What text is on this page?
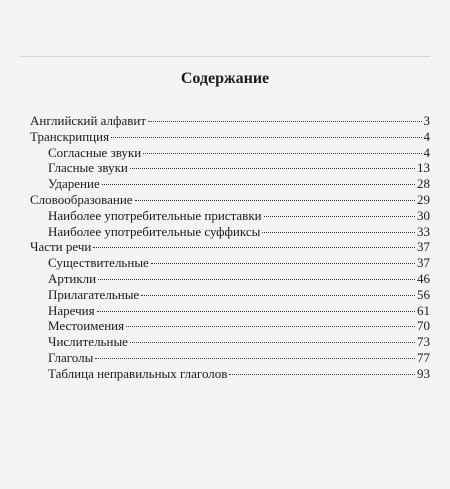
Содержание
Английский алфавит	3
Транскрипция	4
Согласные звуки	4
Гласные звуки	13
Ударение	28
Словообразование	29
Наиболее употребительные приставки	30
Наиболее употребительные суффиксы	33
Части речи	37
Существительные	37
Артикли	46
Прилагательные	56
Наречия	61
Местоимения	70
Числительные	73
Глаголы	77
Таблица неправильных глаголов	93
